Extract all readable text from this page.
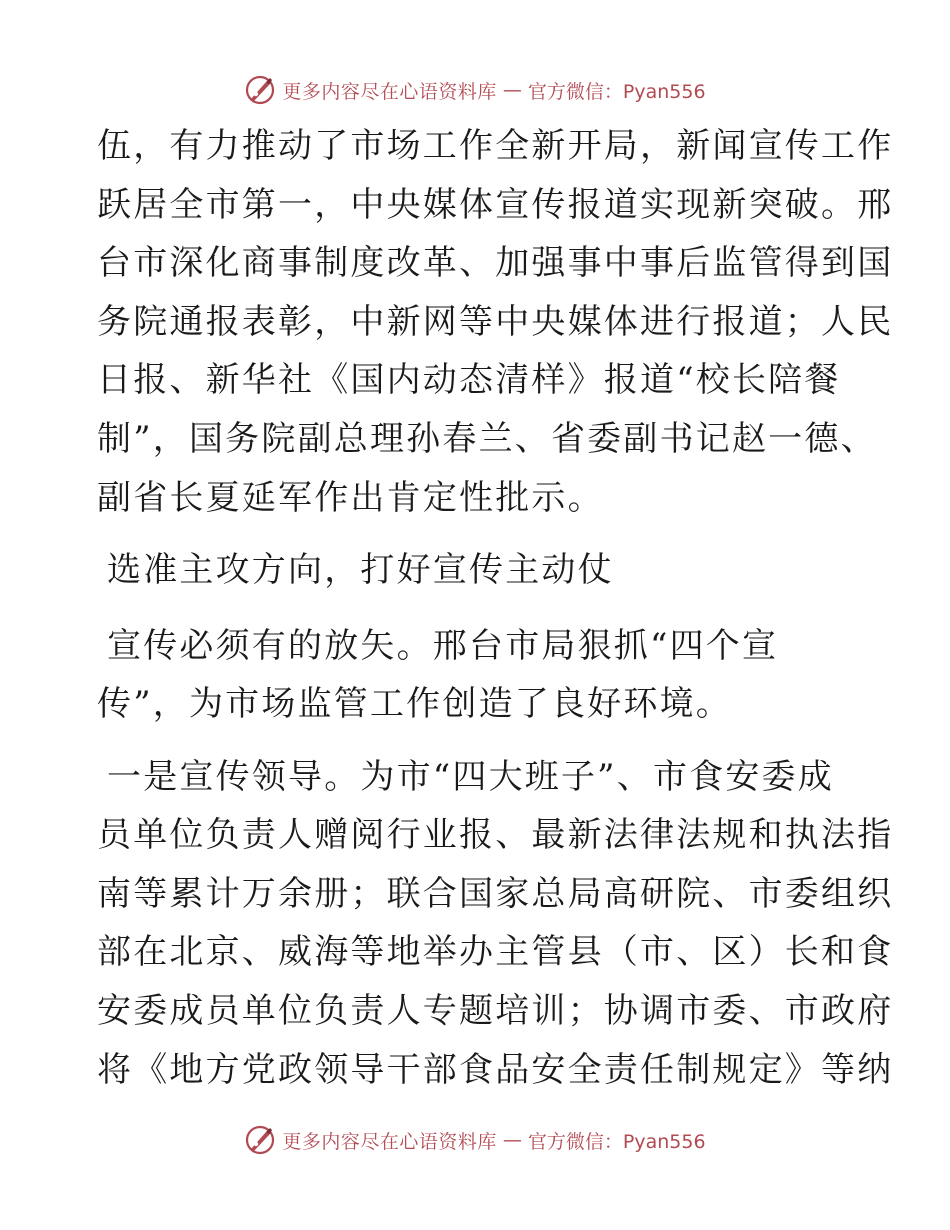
更多内容尽在心语资料库 — 官方微信：Pyan556
伍，有力推动了市场工作全新开局，新闻宣传工作
跃居全市第一，中央媒体宣传报道实现新突破。邢
台市深化商事制度改革、加强事中事后监管得到国
务院通报表彰，中新网等中央媒体进行报道；人民
日报、新华社《国内动态清样》报道“校长陪餐
制”，国务院副总理孙春兰、省委副书记赵一德、
副省长夏延军作出肯定性批示。
选准主攻方向，打好宣传主动仗
宣传必须有的放矢。邢台市局狠抓“四个宣
传”，为市场监管工作创造了良好环境。
一是宣传领导。为市“四大班子”、市食安委成
员单位负责人赠阅行业报、最新法律法规和执法指
南等累计万余册；联合国家总局高研院、市委组织
部在北京、威海等地举办主管县（市、区）长和食
安委成员单位负责人专题培训；协调市委、市政府
将《地方党政领导干部食品安全责任制规定》等纳
更多内容尽在心语资料库 — 官方微信：Pyan556
